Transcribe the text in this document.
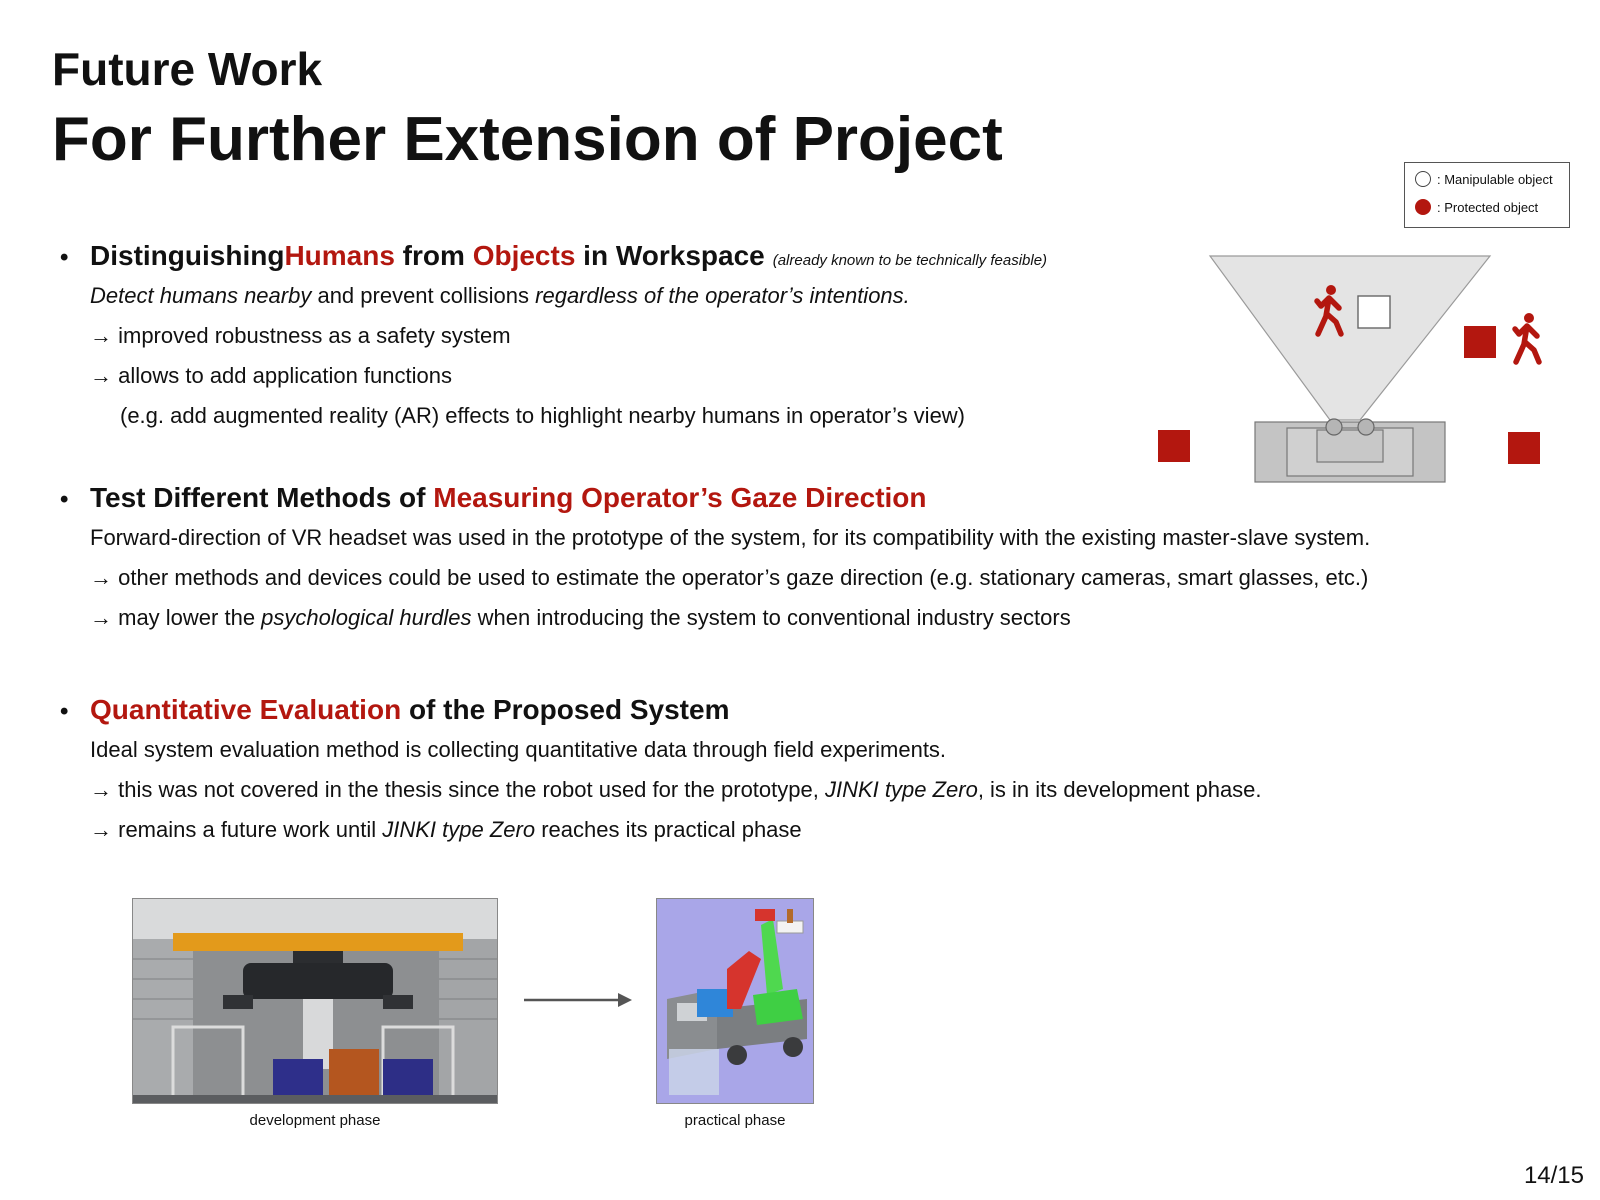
Future Work
For Further Extension of Project
: Manipulable object
: Protected object
• Distinguishing Humans from Objects in Workspace (already known to be technically feasible)
Detect humans nearby and prevent collisions regardless of the operator’s intentions.
→ improved robustness as a safety system
→ allows to add application functions
(e.g. add augmented reality (AR) effects to highlight nearby humans in operator’s view)
• Test Different Methods of Measuring Operator’s Gaze Direction
Forward-direction of VR headset was used in the prototype of the system, for its compatibility with the existing master-slave system.
→ other methods and devices could be used to estimate the operator’s gaze direction (e.g. stationary cameras, smart glasses, etc.)
→ may lower the psychological hurdles when introducing the system to conventional industry sectors
• Quantitative Evaluation of the Proposed System
Ideal system evaluation method is collecting quantitative data through field experiments.
→ this was not covered in the thesis since the robot used for the prototype, JINKI type Zero, is in its development phase.
→ remains a future work until JINKI type Zero reaches its practical phase
development phase	practical phase
14/15
